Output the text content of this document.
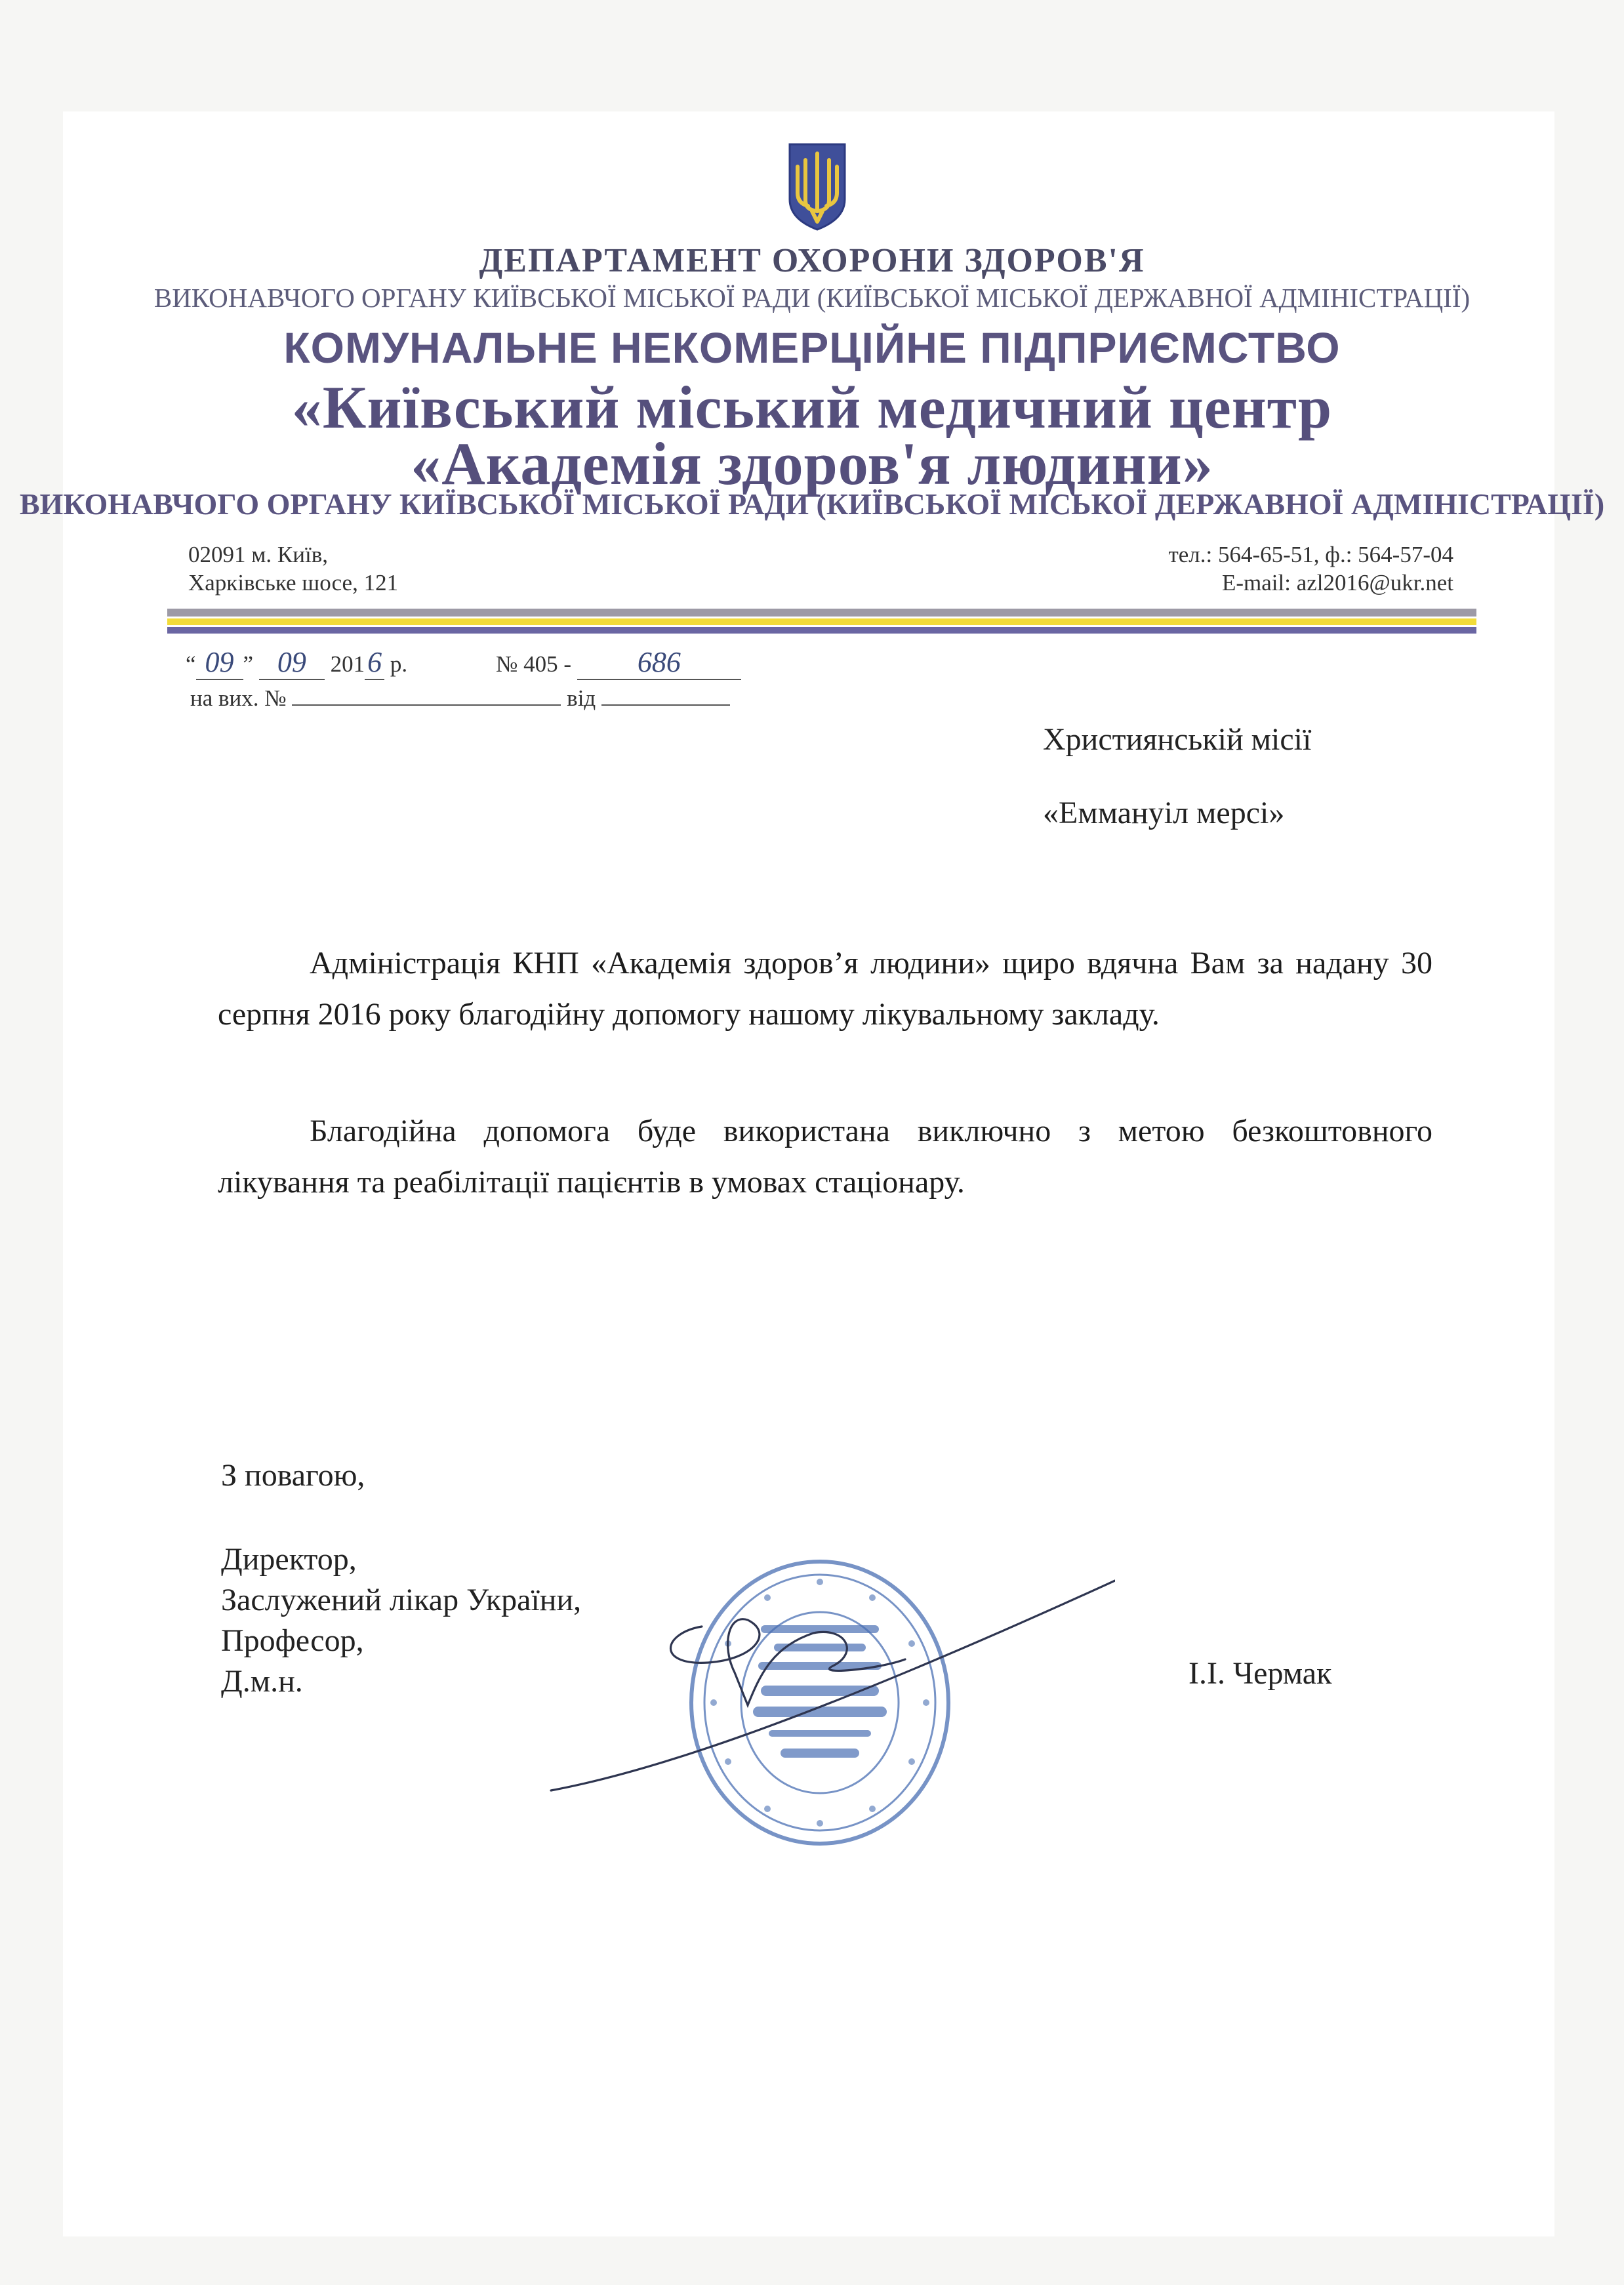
ДЕПАРТАМЕНТ ОХОРОНИ ЗДОРОВ'Я
ВИКОНАВЧОГО ОРГАНУ КИЇВСЬКОЇ МІСЬКОЇ РАДИ (КИЇВСЬКОЇ МІСЬКОЇ ДЕРЖАВНОЇ АДМІНІСТРАЦІЇ)
КОМУНАЛЬНЕ НЕКОМЕРЦІЙНЕ ПІДПРИЄМСТВО
«Київський міський медичний центр
«Академія здоров'я людини»
ВИКОНАВЧОГО ОРГАНУ КИЇВСЬКОЇ МІСЬКОЇ РАДИ (КИЇВСЬКОЇ МІСЬКОЇ ДЕРЖАВНОЇ АДМІНІСТРАЦІЇ)
02091 м. Київ,
Харківське шосе, 121
тел.: 564-65-51, ф.: 564-57-04
E-mail: azl2016@ukr.net
“ 09 ” 09 2016 р.	№ 405 - 686
на вих. №	від
Християнській місії
«Еммануіл мерсі»
Адміністрація КНП «Академія здоров’я людини» щиро вдячна Вам за надану 30 серпня 2016 року благодійну допомогу нашому лікувальному закладу.
Благодійна допомога буде використана виключно з метою безкоштовного лікування та реабілітації пацієнтів в умовах стаціонару.
З повагою,
Директор,
Заслужений лікар України,
Професор,
Д.м.н.	І.І. Чермак
